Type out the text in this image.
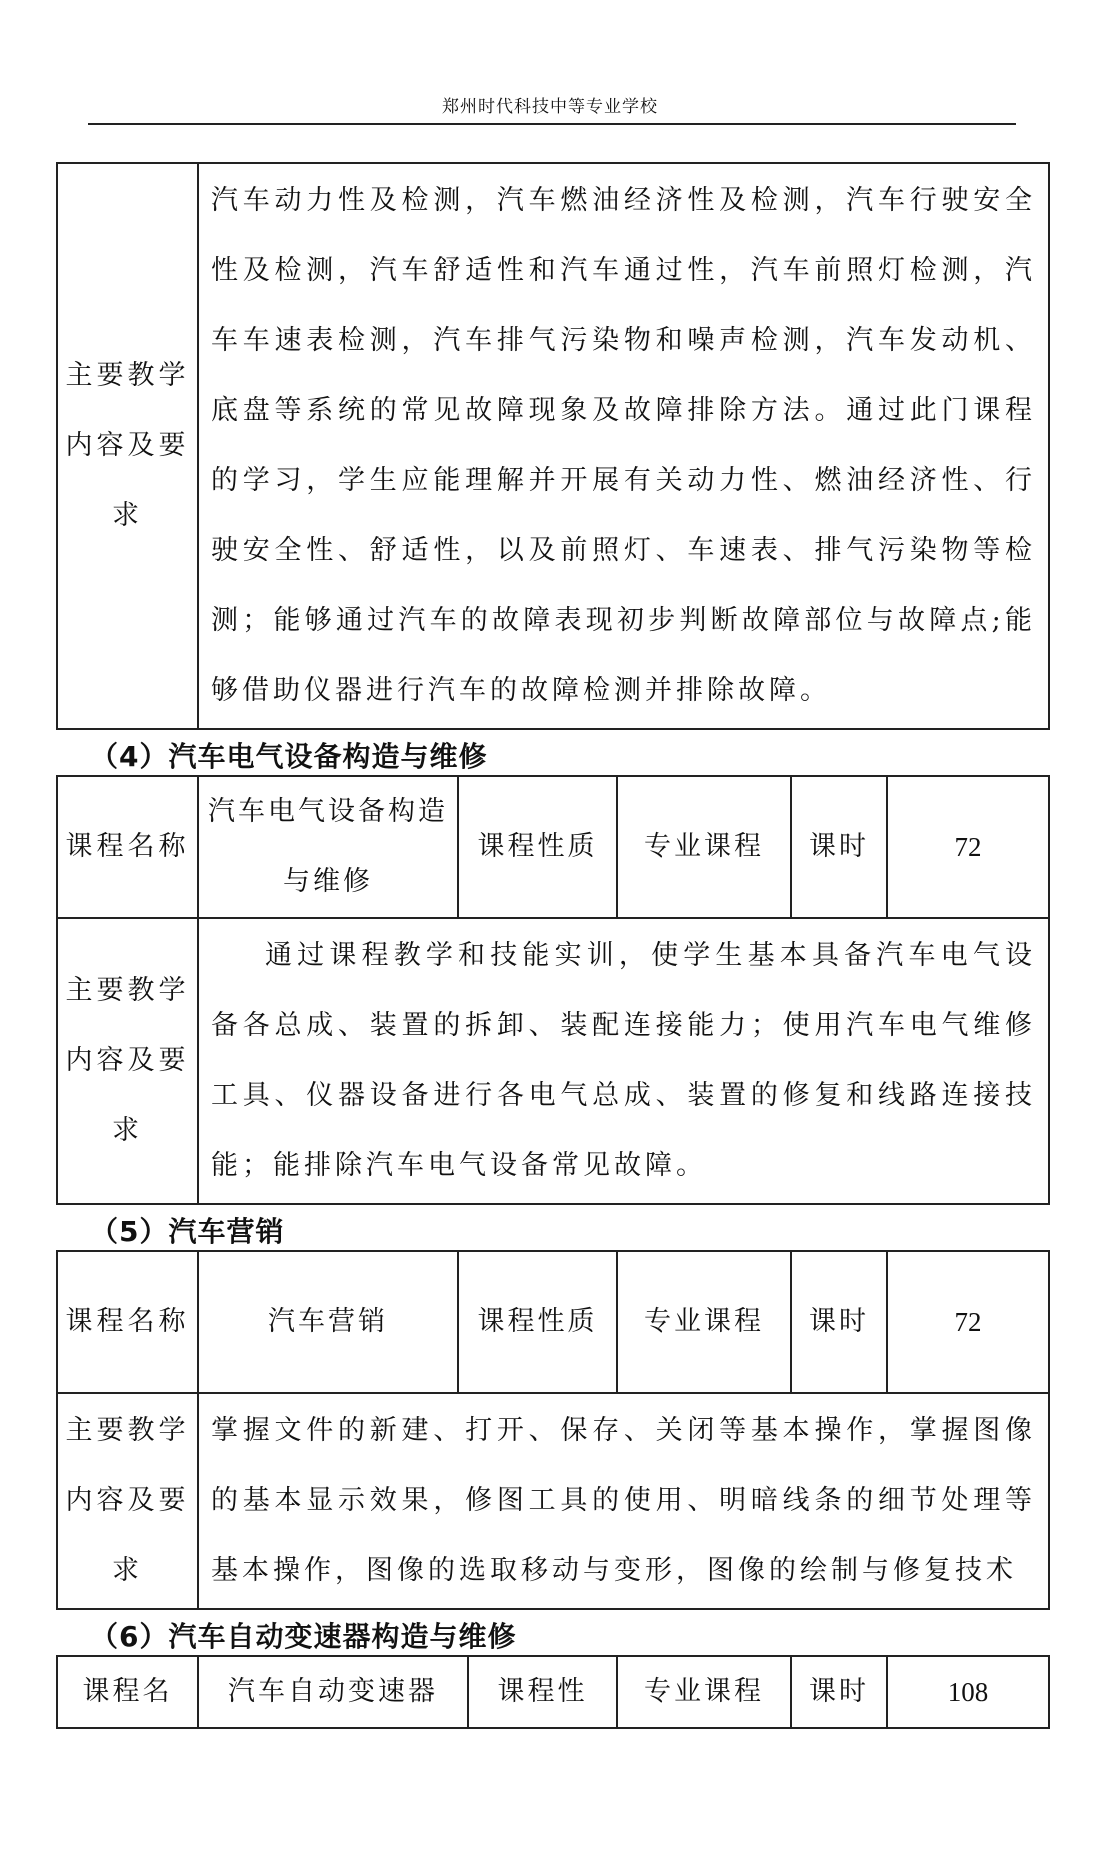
郑州时代科技中等专业学校
主要教学内容及要求	汽车动力性及检测，汽车燃油经济性及检测，汽车行驶安全性及检测，汽车舒适性和汽车通过性，汽车前照灯检测，汽车车速表检测，汽车排气污染物和噪声检测，汽车发动机、底盘等系统的常见故障现象及故障排除方法。通过此门课程的学习，学生应能理解并开展有关动力性、燃油经济性、行驶安全性、舒适性，以及前照灯、车速表、排气污染物等检测；能够通过汽车的故障表现初步判断故障部位与故障点;能够借助仪器进行汽车的故障检测并排除故障。
（4）汽车电气设备构造与维修
课程名称	汽车电气设备构造与维修	课程性质	专业课程	课时	72
主要教学内容及要求	通过课程教学和技能实训，使学生基本具备汽车电气设备各总成、装置的拆卸、装配连接能力；使用汽车电气维修工具、仪器设备进行各电气总成、装置的修复和线路连接技能；能排除汽车电气设备常见故障。				
（5）汽车营销
课程名称	汽车营销	课程性质	专业课程	课时	72
主要教学内容及要求	掌握文件的新建、打开、保存、关闭等基本操作，掌握图像的基本显示效果，修图工具的使用、明暗线条的细节处理等基本操作，图像的选取移动与变形，图像的绘制与修复技术				
（6）汽车自动变速器构造与维修
课程名	汽车自动变速器	课程性	专业课程	课时	108
